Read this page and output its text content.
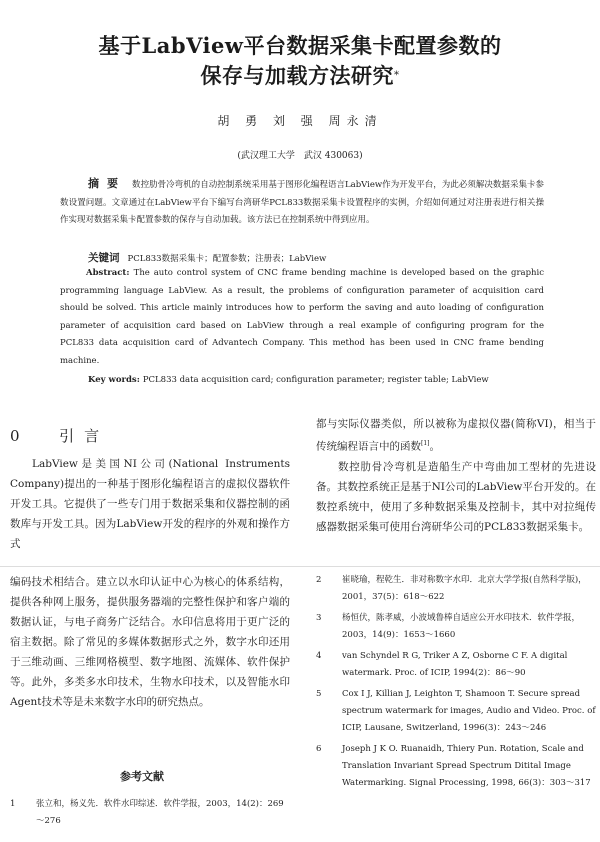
基于LabView平台数据采集卡配置参数的
保存与加载方法研究*
胡 勇 刘 强 周永清
(武汉理工大学　武汉 430063)
摘要 数控肋骨冷弯机的自动控制系统采用基于图形化编程语言LabView作为开发平台，为此必须解决数据采集卡参数设置问题。文章通过在LabView平台下编写台湾研华PCL833数据采集卡设置程序的实例，介绍如何通过对注册表进行相关操作实现对数据采集卡配置参数的保存与自动加载。该方法已在控制系统中得到应用。
关键词 PCL833数据采集卡；配置参数；注册表；LabView
Abstract: The auto control system of CNC frame bending machine is developed based on the graphic programming language LabView. As a result, the problems of configuration parameter of acquisition card should be solved. This article mainly introduces how to perform the saving and auto loading of configuration parameter of acquisition card based on LabView through a real example of configuring program for the PCL833 data acquisition card of Advantech Company. This method has been used in CNC frame bending machine.
Key words: PCL833 data acquisition card; configuration parameter; register table; LabView
0 引言
LabView是美国NI公司(National Instruments Company)提出的一种基于图形化编程语言的虚拟仪器软件开发工具。它提供了一些专门用于数据采集和仪器控制的函数库与开发工具。因为LabView开发的程序的外观和操作方式
都与实际仪器类似，所以被称为虚拟仪器(简称VI)，相当于传统编程语言中的函数[1]。
数控肋骨冷弯机是造船生产中弯曲加工型材的先进设备。其数控系统正是基于NI公司的LabView平台开发的。在数控系统中，使用了多种数据采集及控制卡，其中对拉绳传感器数据采集可使用台湾研华公司的PCL833数据采集卡。
编码技术相结合。建立以水印认证中心为核心的体系结构，提供各种网上服务，提供服务器端的完整性保护和客户端的数据认证，与电子商务广泛结合。水印信息将用于更广泛的宿主数据。除了常见的多媒体数据形式之外，数字水印还用于三维动画、三维网格模型、数字地图、流媒体、软件保护等。此外，多类多水印技术，生物水印技术，以及智能水印Agent技术等是未来数字水印的研究热点。
参考文献
1 张立和，杨义先．软件水印综述．软件学报，2003，14(2)：269～276
2 崔晓瑜，程乾生．非对称数字水印．北京大学学报(自然科学版)，2001，37(5)：618～622
3 杨恒伏，陈孝威，小波域鲁棒自适应公开水印技术．软件学报，2003，14(9)：1653～1660
4 van Schyndel R G, Triker A Z, Osborne C F. A digital watermark. Proc. of ICIP, 1994(2)：86～90
5 Cox I J, Killian J, Leighton T, Shamoon T. Secure spread spectrum watermark for images, Audio and Video. Proc. of ICIP, Lausane, Switzerland, 1996(3)：243～246
6 Joseph J K O. Ruanaidh, Thiery Pun. Rotation, Scale and Translation Invariant Spread Spectrum Ditital Image Watermarking. Signal Processing, 1998, 66(3)：303～317
